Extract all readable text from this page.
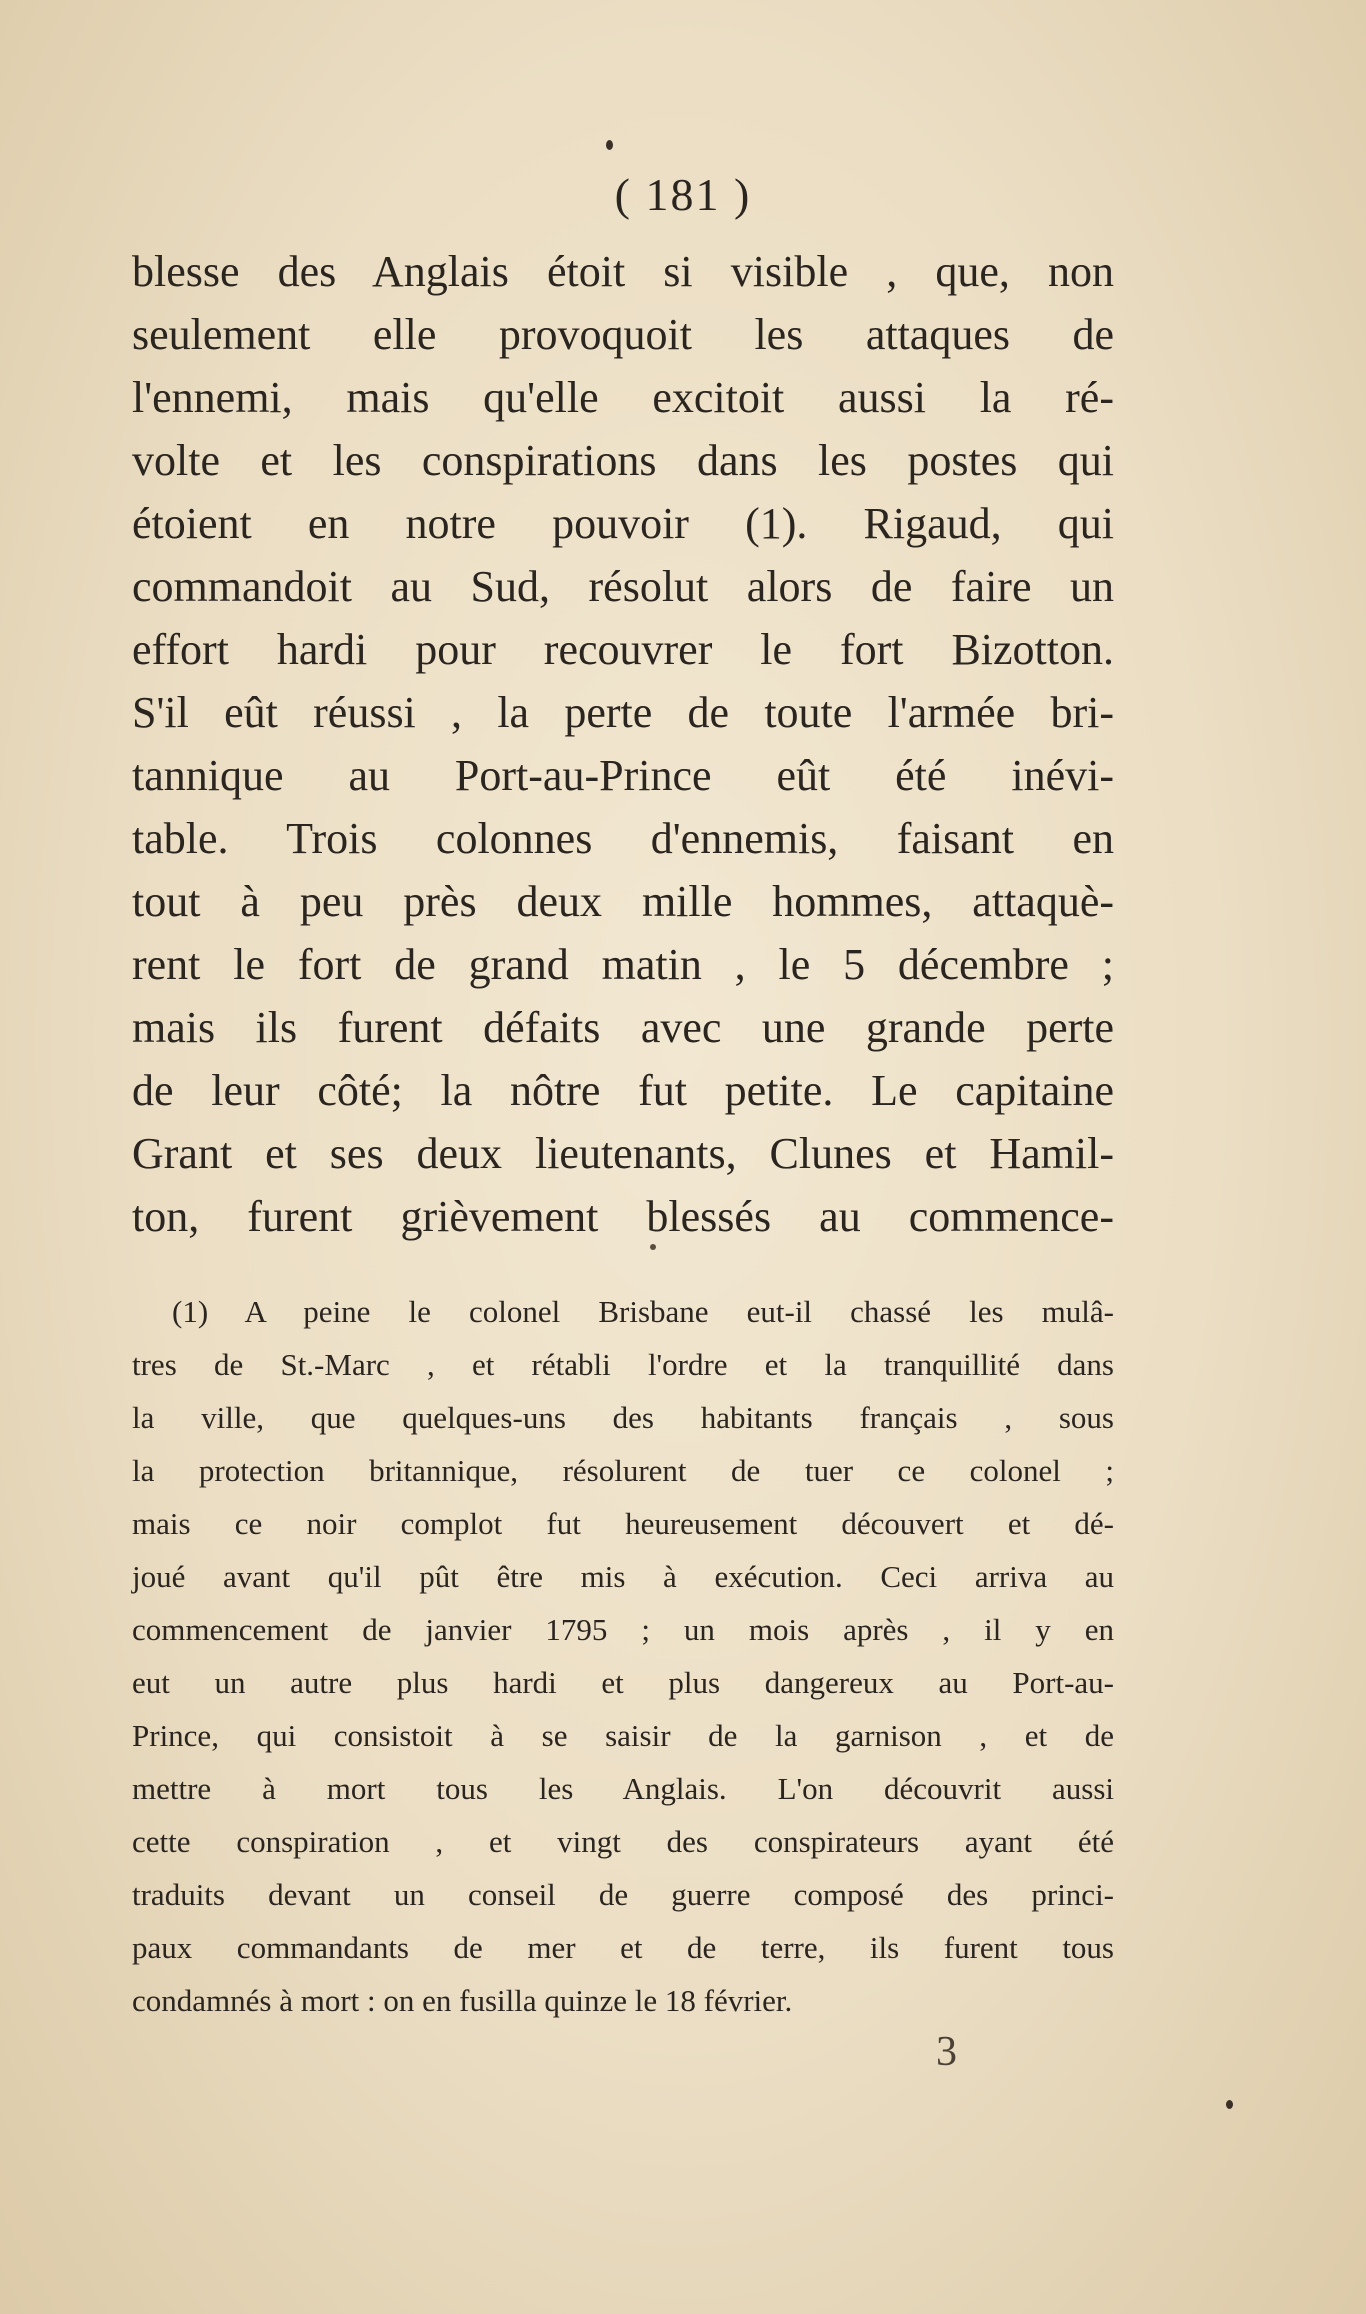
( 181 )
blesse des Anglais étoit si visible , que, non
seulement elle provoquoit les attaques de
l'ennemi, mais qu'elle excitoit aussi la ré-
volte et les conspirations dans les postes qui
étoient en notre pouvoir (1). Rigaud, qui
commandoit au Sud, résolut alors de faire un
effort hardi pour recouvrer le fort Bizotton.
S'il eût réussi , la perte de toute l'armée bri-
tannique au Port-au-Prince eût été inévi-
table. Trois colonnes d'ennemis, faisant en
tout à peu près deux mille hommes, attaquè-
rent le fort de grand matin , le 5 décembre ;
mais ils furent défaits avec une grande perte
de leur côté; la nôtre fut petite. Le capitaine
Grant et ses deux lieutenants, Clunes et Hamil-
ton, furent grièvement blessés au commence-
(1) A peine le colonel Brisbane eut-il chassé les mulâ-
tres de St.-Marc , et rétabli l'ordre et la tranquillité dans
la ville, que quelques-uns des habitants français , sous
la protection britannique, résolurent de tuer ce colonel ;
mais ce noir complot fut heureusement découvert et dé-
joué avant qu'il pût être mis à exécution. Ceci arriva au
commencement de janvier 1795 ; un mois après , il y en
eut un autre plus hardi et plus dangereux au Port-au-
Prince, qui consistoit à se saisir de la garnison , et de
mettre à mort tous les Anglais. L'on découvrit aussi
cette conspiration , et vingt des conspirateurs ayant été
traduits devant un conseil de guerre composé des princi-
paux commandants de mer et de terre, ils furent tous
condamnés à mort : on en fusilla quinze le 18 février.
3
